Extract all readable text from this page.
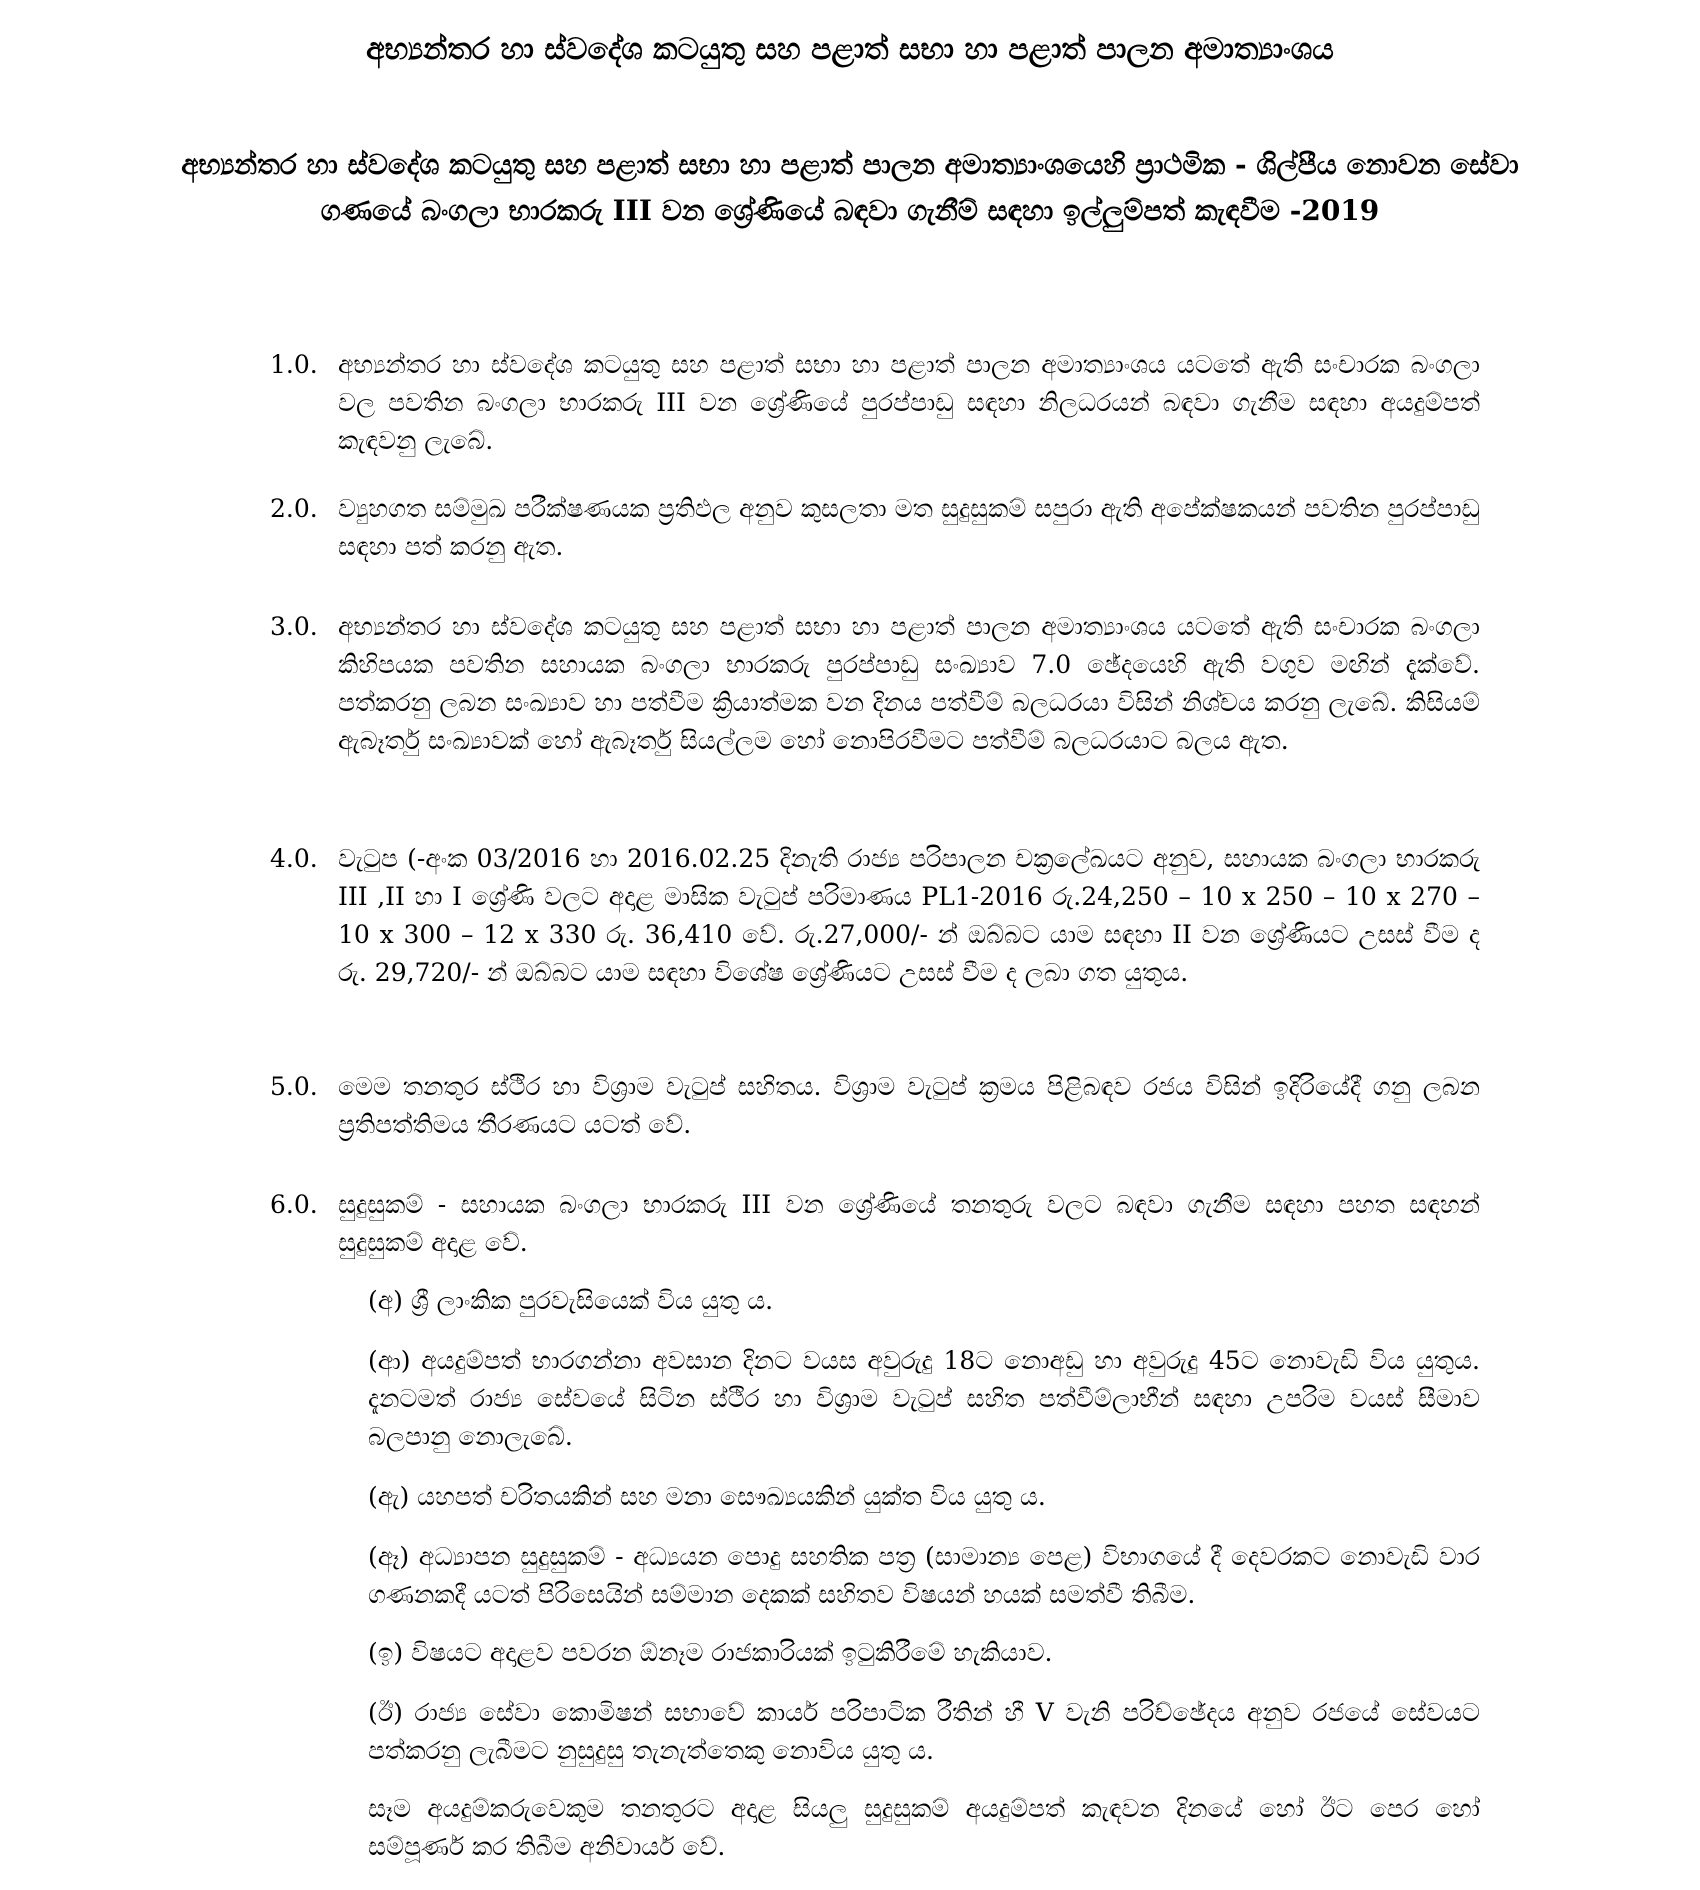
අභ්‍යන්තර හා ස්වදේශ කටයුතු සහ පළාත් සභා හා පළාත් පාලන අමාත්‍යාංශය
අභ්‍යන්තර හා ස්වදේශ කටයුතු සහ පළාත් සභා හා පළාත් පාලන අමාත්‍යාංශයෙහි ප්‍රාථමික - ශිල්පීය නොවන සේවා ගණයේ බංගලා භාරකරු III වන ශ්‍රේණියේ බඳවා ගැනීම් සඳහා ඉල්ලුම්පත් කැඳවීම -2019
1.0. අභ්‍යන්තර හා ස්වදේශ කටයුතු සහ පළාත් සභා හා පළාත් පාලන අමාත්‍යාංශය යටතේ ඇති සංචාරක බංගලා වල පවතින බංගලා භාරකරු III වන ශ්‍රේණියේ පුරප්පාඩු සඳහා නිලධරයන් බඳවා ගැනීම සඳහා අයදුම්පත් කැඳවනු ලැබේ.
2.0. ව්‍යුහගත සම්මුඛ පරීක්ෂණයක ප්‍රතිඵල අනුව කුසලතා මත සුදුසුකම් සපුරා ඇති අපේක්ෂකයන් පවතින පුරප්පාඩු සඳහා පත් කරනු ඇත.
3.0. අභ්‍යන්තර හා ස්වදේශ කටයුතු සහ පළාත් සභා හා පළාත් පාලන අමාත්‍යාංශය යටතේ ඇති සංචාරක බංගලා කිහිපයක පවතින සහායක බංගලා භාරකරු පුරප්පාඩු සංඛ්‍යාව 7.0 ඡේදයෙහි ඇති වගුව මඟින් දැක්වේ. පත්කරනු ලබන සංඛ්‍යාව හා පත්වීම ක්‍රියාත්මක වන දිනය පත්වීම් බලධරයා විසින් නිශ්චය කරනු ලැබේ. කිසියම් ඇබෑර්තු සංඛ්‍යාවක් හෝ ඇබෑර්තු සියල්ලම හෝ නොපිරවීමට පත්වීම් බලධරයාට බලය ඇත.
4.0. වැටුප (-අංක 03/2016 හා 2016.02.25 දිනැති රාජ්‍ය පරිපාලන චක්‍රලේඛයට අනුව, සහායක බංගලා භාරකරු III ,II හා I ශ්‍රේණි වලට අදාළ මාසික වැටුප් පරිමාණය PL1-2016 රු.24,250 – 10 x 250 – 10 x 270 – 10 x 300 – 12 x 330 රු. 36,410 වේ. රු.27,000/- න් ඔබ්බට යාම සඳහා II වන ශ්‍රේණියට උසස් වීම ද රු. 29,720/- න් ඔබ්බට යාම සඳහා විශේෂ ශ්‍රේණියට උසස් වීම ද ලබා ගත යුතුය.
5.0. මෙම තනතුර ස්ථිර හා විශ්‍රාම වැටුප් සහිතය. විශ්‍රාම වැටුප් ක්‍රමය පිළිබඳව රජය විසින් ඉදිරියේදී ගනු ලබන ප්‍රතිපත්තිමය තීරණයට යටත් වේ.
6.0. සුදුසුකම් - සහායක බංගලා භාරකරු III වන ශ්‍රේණියේ තනතුරු වලට බඳවා ගැනීම සඳහා පහත සඳහන් සුදුසුකම් අදාළ වේ.
(අ) ශ්‍රී ලාංකික පුරවැසියෙක් විය යුතු ය.
(ආ) අයදුම්පත් භාරගන්නා අවසාන දිනට වයස අවුරුදු 18ට නොඅඩු හා අවුරුදු 45ට නොවැඩි විය යුතුය. දැනටමත් රාජ්‍ය සේවයේ සිටින ස්ථිර හා විශ්‍රාම වැටුප් සහිත පත්වීම්ලාභීන් සඳහා උපරිම වයස් සීමාව බලපානු නොලැබේ.
(ඇ) යහපත් චරිතයකින් සහ මනා සෞඛ්‍යයකින් යුක්ත විය යුතු ය.
(ඈ) අධ්‍යාපන සුදුසුකම් - අධ්‍යයන පොදු සහතික පත්‍ර (සාමාන්‍ය පෙළ) විභාගයේ දී දෙවරකට නොවැඩි වාර ගණනකදී යටත් පිරිසෙයින් සම්මාන දෙකක් සහිතව විෂයන් හයක් සමත්වී තිබීම.
(ඉ) විෂයට අදාළව පවරන ඕනෑම රාජකාරියක් ඉටුකිරීමේ හැකියාව.
(ඊ) රාජ්‍ය සේවා කොමිෂන් සභාවේ කාර්ය පරිපාටික රීතින් හී V වැනි පරිච්ඡේදය අනුව රජයේ සේවයට පත්කරනු ලැබීමට නුසුදුසු තැනැත්තෙකු නොවිය යුතු ය.
සෑම අයදුම්කරුවෙකුම තනතුරට අදාළ සියලු සුදුසුකම් අයදුම්පත් කැඳවන දිනයේ හෝ ඊට පෙර හෝ සම්පූර්ණ කර තිබීම අනිවාර්ය වේ.
